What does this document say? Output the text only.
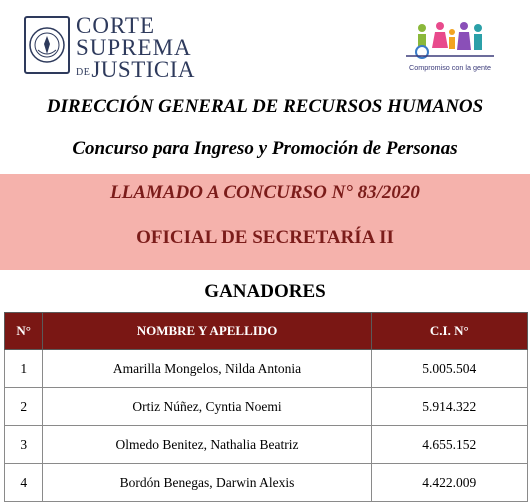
CORTE
SUPREMA
DEJUSTICIA	Compromiso con la gente
DIRECCIÓN GENERAL DE RECURSOS HUMANOS
Concurso para Ingreso y Promoción de Personas
LLAMADO A CONCURSO N° 83/2020
OFICIAL DE SECRETARÍA II
GANADORES
N°	NOMBRE Y APELLIDO	C.I. N°
1	Amarilla Mongelos, Nilda Antonia	5.005.504
2	Ortiz Núñez, Cyntia Noemi	5.914.322
3	Olmedo Benitez, Nathalia Beatriz	4.655.152
4	Bordón Benegas, Darwin Alexis	4.422.009
